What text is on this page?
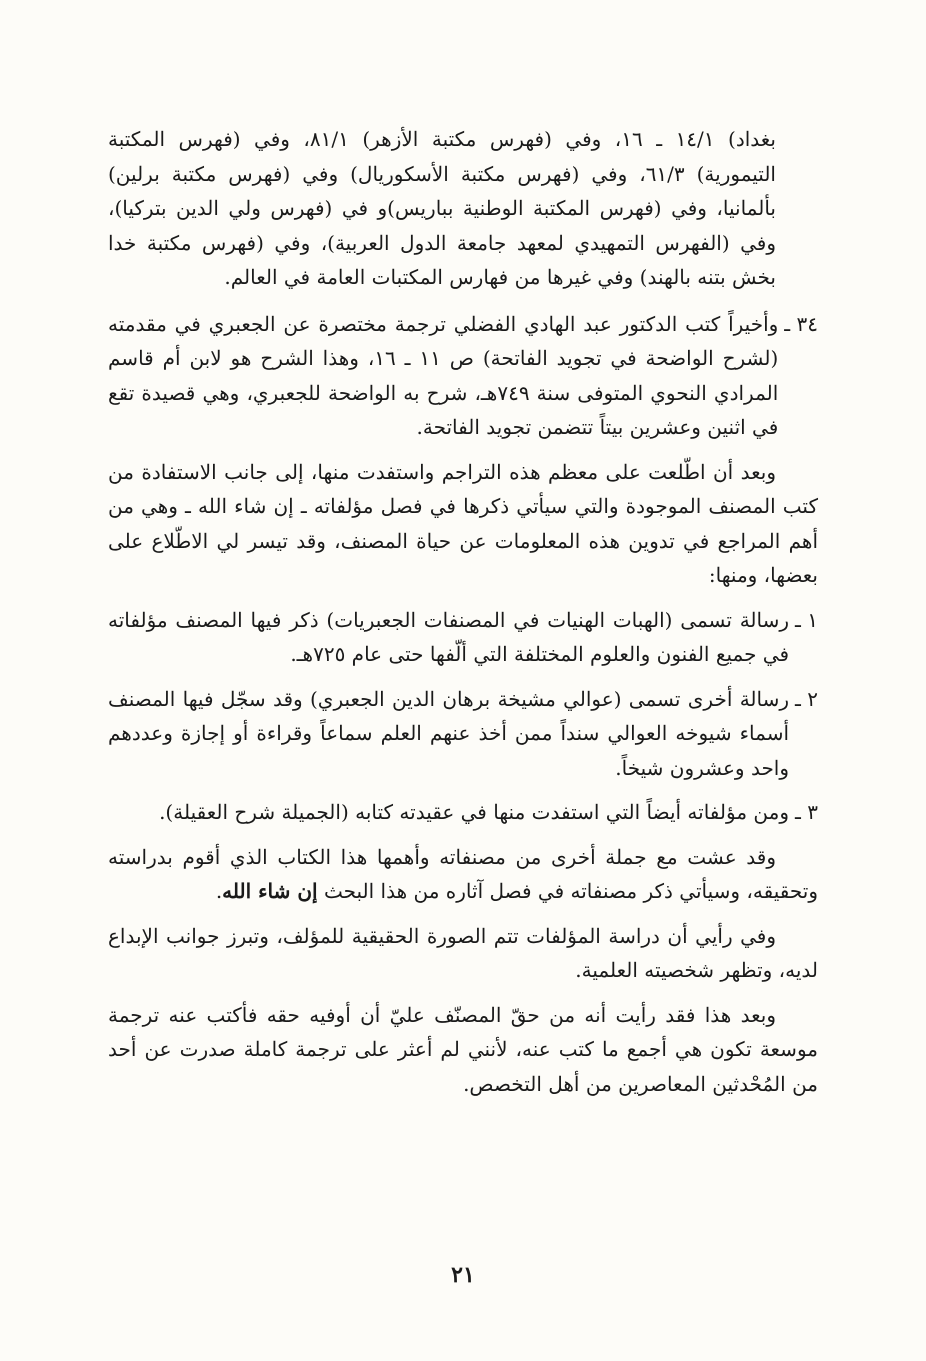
بغداد) ١٤/١ ـ ١٦، وفي (فهرس مكتبة الأزهر) ٨١/١، وفي (فهرس المكتبة التيمورية) ٦١/٣، وفي (فهرس مكتبة الأسكوريال) وفي (فهرس مكتبة برلين) بألمانيا، وفي (فهرس المكتبة الوطنية بباريس)و في (فهرس ولي الدين بتركيا)، وفي (الفهرس التمهيدي لمعهد جامعة الدول العربية)، وفي (فهرس مكتبة خدا بخش بتنه بالهند) وفي غيرها من فهارس المكتبات العامة في العالم.

٣٤ ـ
وأخيراً كتب الدكتور عبد الهادي الفضلي ترجمة مختصرة عن الجعبري في مقدمته (لشرح الواضحة في تجويد الفاتحة) ص ١١ ـ ١٦، وهذا الشرح هو لابن أم قاسم المرادي النحوي المتوفى سنة ٧٤٩هـ، شرح به الواضحة للجعبري، وهي قصيدة تقع في اثنين وعشرين بيتاً تتضمن تجويد الفاتحة.

وبعد أن اطّلعت على معظم هذه التراجم واستفدت منها، إلى جانب الاستفادة من كتب المصنف الموجودة والتي سيأتي ذكرها في فصل مؤلفاته ـ إن شاء الله ـ وهي من أهم المراجع في تدوين هذه المعلومات عن حياة المصنف، وقد تيسر لي الاطّلاع على بعضها، ومنها:

١ ـ
رسالة تسمى (الهبات الهنيات في المصنفات الجعبريات) ذكر فيها المصنف مؤلفاته في جميع الفنون والعلوم المختلفة التي ألّفها حتى عام ٧٢٥هـ.
٢ ـ
رسالة أخرى تسمى (عوالي مشيخة برهان الدين الجعبري) وقد سجّل فيها المصنف أسماء شيوخه العوالي سنداً ممن أخذ عنهم العلم سماعاً وقراءة أو إجازة وعددهم واحد وعشرون شيخاً.
٣ ـ
ومن مؤلفاته أيضاً التي استفدت منها في عقيدته كتابه (الجميلة شرح العقيلة).

وقد عشت مع جملة أخرى من مصنفاته وأهمها هذا الكتاب الذي أقوم بدراسته وتحقيقه، وسيأتي ذكر مصنفاته في فصل آثاره من هذا البحث إن شاء الله.

وفي رأيي أن دراسة المؤلفات تتم الصورة الحقيقية للمؤلف، وتبرز جوانب الإبداع لديه، وتظهر شخصيته العلمية.

وبعد هذا فقد رأيت أنه من حقّ المصنّف عليّ أن أوفيه حقه فأكتب عنه ترجمة موسعة تكون هي أجمع ما كتب عنه، لأنني لم أعثر على ترجمة كاملة صدرت عن أحد من المُحْدثين المعاصرين من أهل التخصص.

٢١
